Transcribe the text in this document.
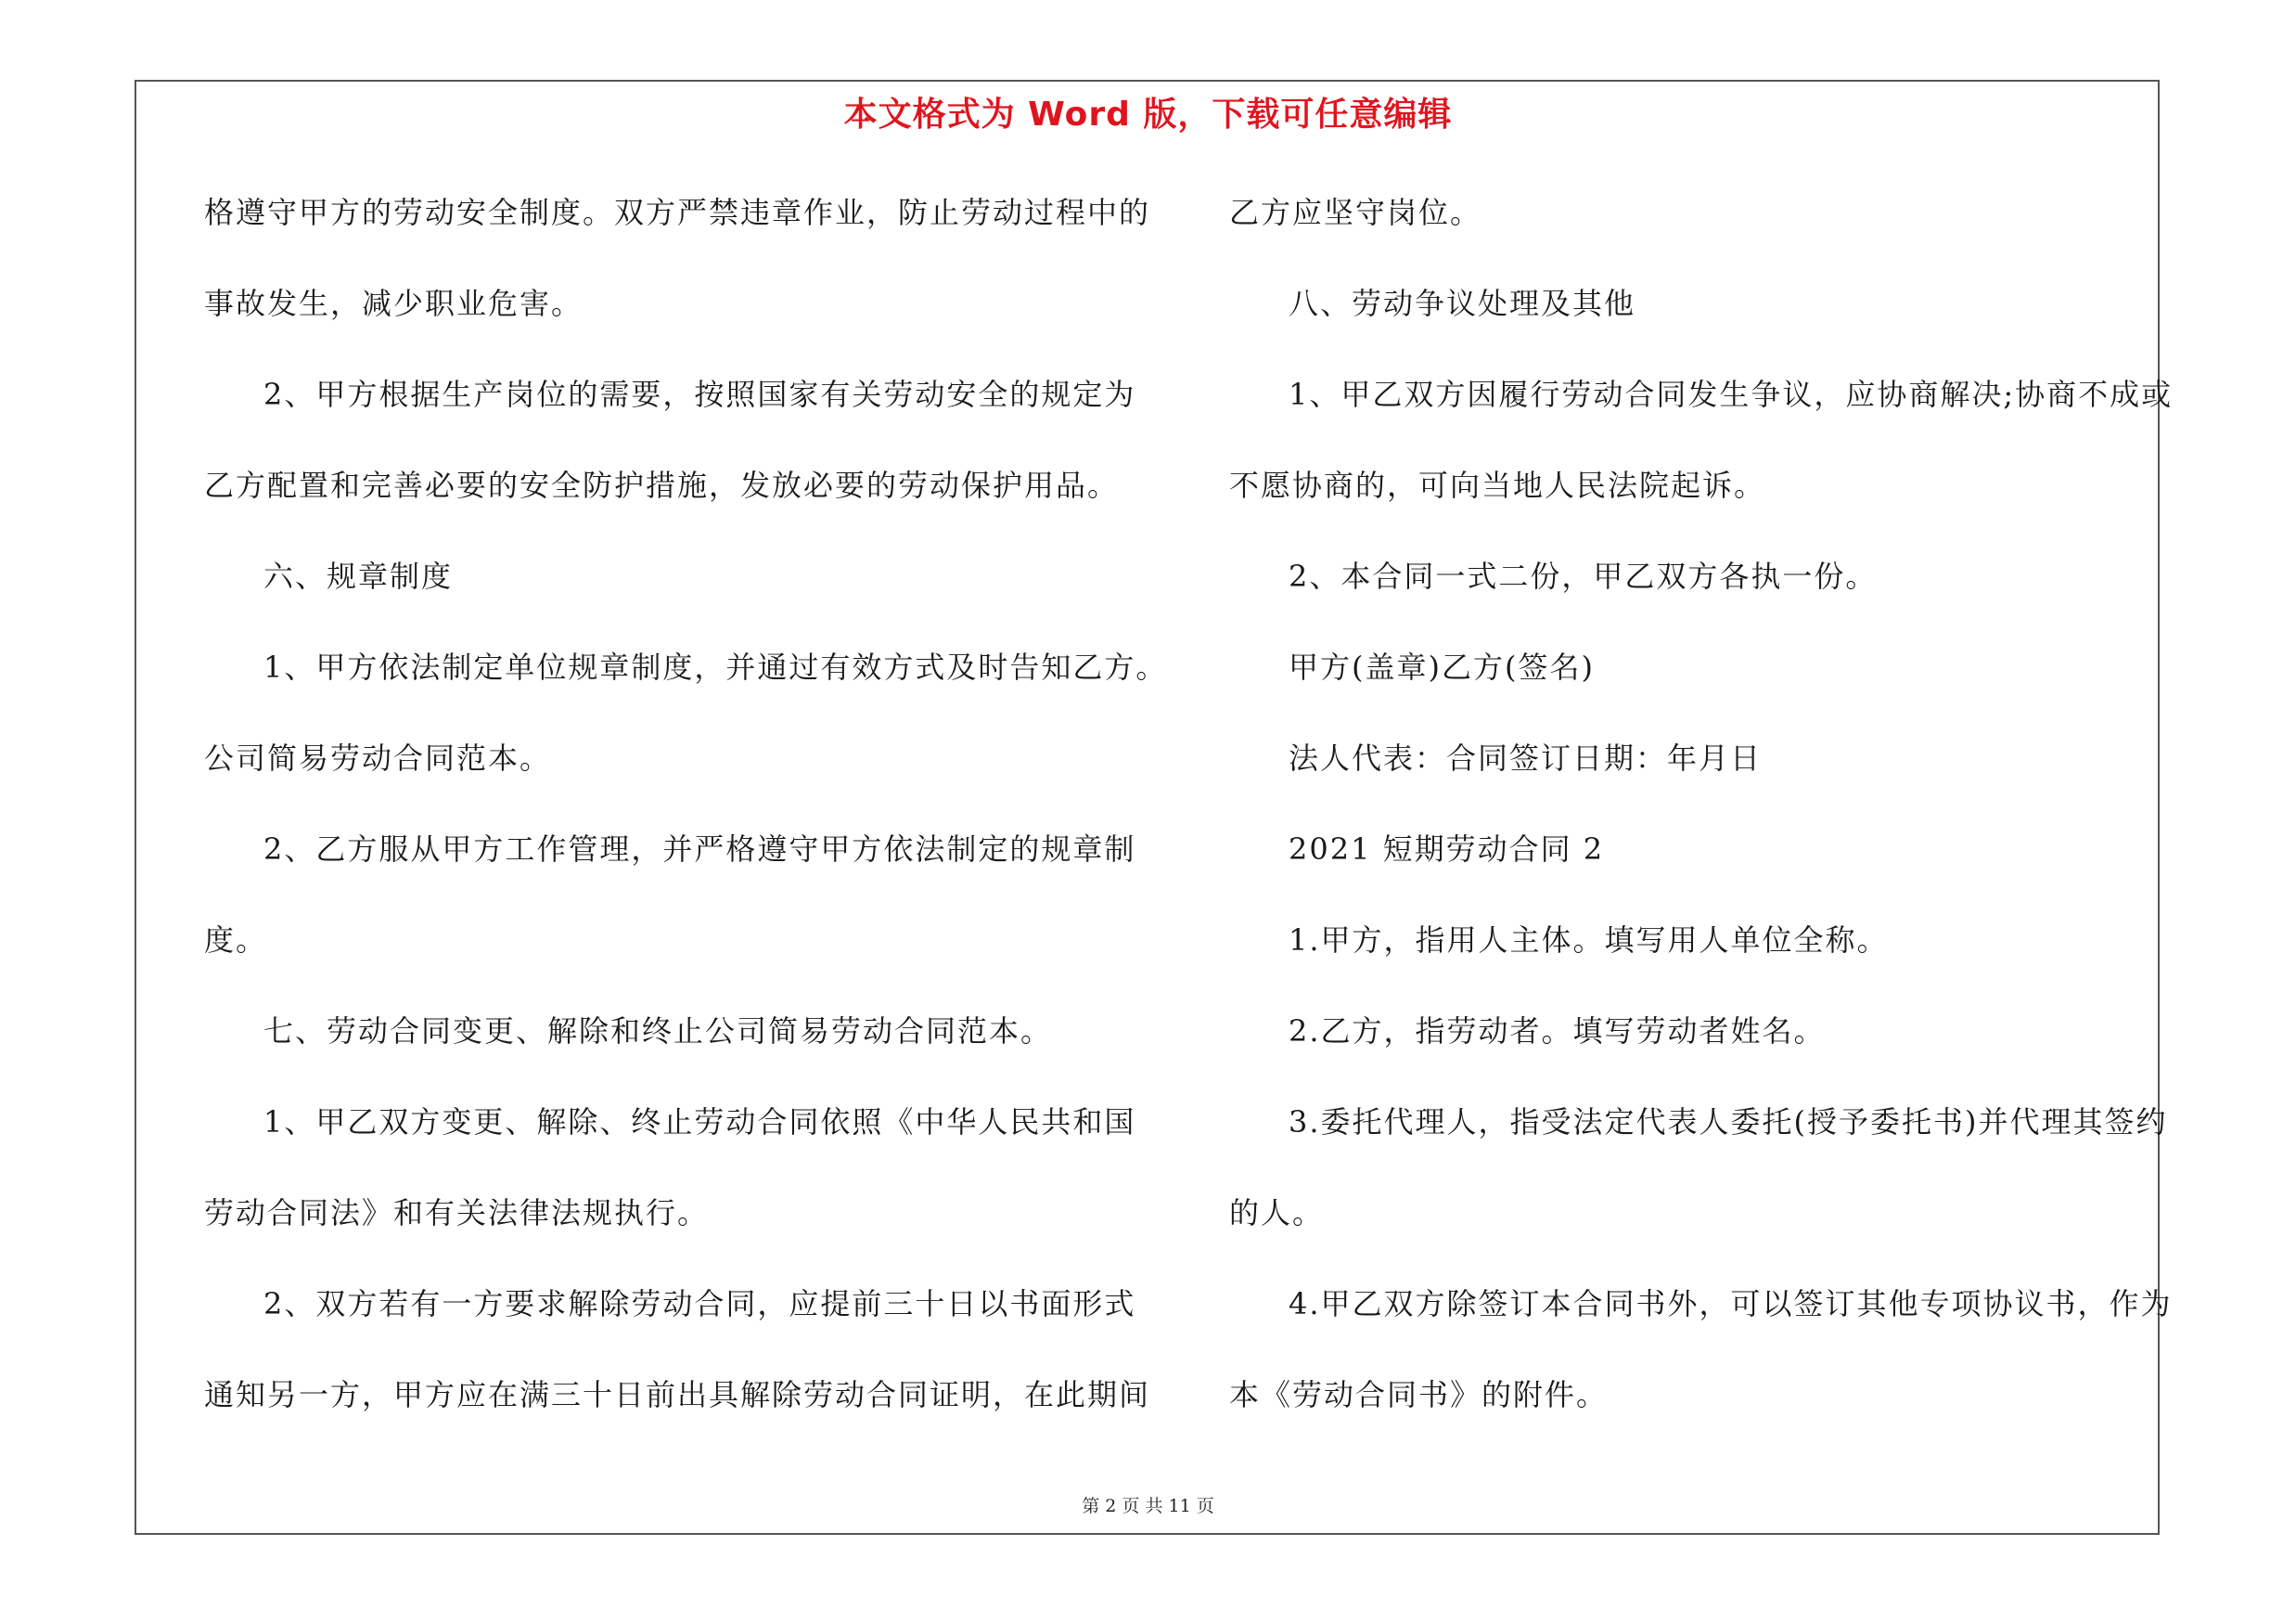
本文格式为 Word 版，下载可任意编辑
格遵守甲方的劳动安全制度。双方严禁违章作业，防止劳动过程中的
事故发生，减少职业危害。
2、甲方根据生产岗位的需要，按照国家有关劳动安全的规定为
乙方配置和完善必要的安全防护措施，发放必要的劳动保护用品。
六、规章制度
1、甲方依法制定单位规章制度，并通过有效方式及时告知乙方。
公司简易劳动合同范本。
2、乙方服从甲方工作管理，并严格遵守甲方依法制定的规章制
度。
七、劳动合同变更、解除和终止公司简易劳动合同范本。
1、甲乙双方变更、解除、终止劳动合同依照《中华人民共和国
劳动合同法》和有关法律法规执行。
2、双方若有一方要求解除劳动合同，应提前三十日以书面形式
通知另一方，甲方应在满三十日前出具解除劳动合同证明，在此期间
乙方应坚守岗位。
八、劳动争议处理及其他
1、甲乙双方因履行劳动合同发生争议，应协商解决;协商不成或
不愿协商的，可向当地人民法院起诉。
2、本合同一式二份，甲乙双方各执一份。
甲方(盖章)乙方(签名)
法人代表：合同签订日期：年月日
2021 短期劳动合同 2
1.甲方，指用人主体。填写用人单位全称。
2.乙方，指劳动者。填写劳动者姓名。
3.委托代理人，指受法定代表人委托(授予委托书)并代理其签约
的人。
4.甲乙双方除签订本合同书外，可以签订其他专项协议书，作为
本《劳动合同书》的附件。
第 2 页 共 11 页
